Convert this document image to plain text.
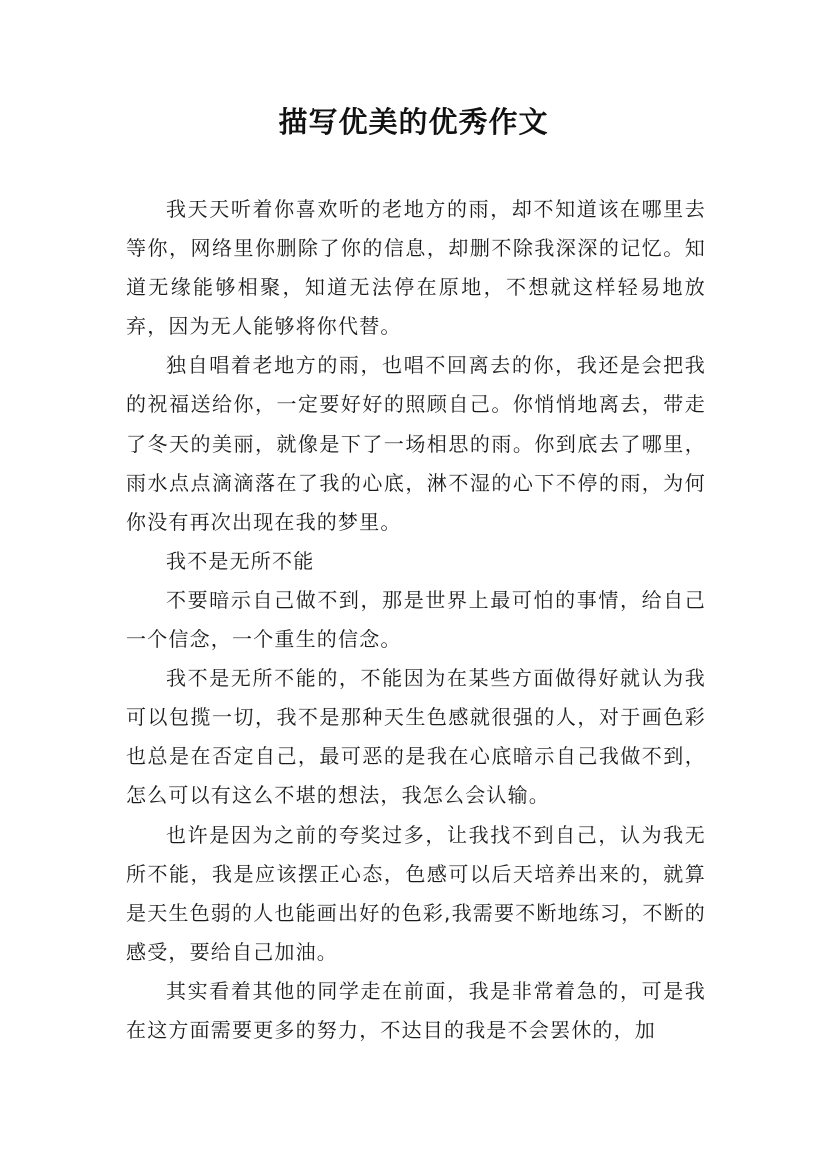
描写优美的优秀作文

我天天听着你喜欢听的老地方的雨，却不知道该在哪里去等你，网络里你删除了你的信息，却删不除我深深的记忆。知道无缘能够相聚，知道无法停在原地，不想就这样轻易地放弃，因为无人能够将你代替。

独自唱着老地方的雨，也唱不回离去的你，我还是会把我的祝福送给你，一定要好好的照顾自己。你悄悄地离去，带走了冬天的美丽，就像是下了一场相思的雨。你到底去了哪里，雨水点点滴滴落在了我的心底，淋不湿的心下不停的雨，为何你没有再次出现在我的梦里。

我不是无所不能

不要暗示自己做不到，那是世界上最可怕的事情，给自己一个信念，一个重生的信念。

我不是无所不能的，不能因为在某些方面做得好就认为我可以包揽一切，我不是那种天生色感就很强的人，对于画色彩也总是在否定自己，最可恶的是我在心底暗示自己我做不到，怎么可以有这么不堪的想法，我怎么会认输。

也许是因为之前的夸奖过多，让我找不到自己，认为我无所不能，我是应该摆正心态，色感可以后天培养出来的，就算是天生色弱的人也能画出好的色彩,我需要不断地练习，不断的感受，要给自己加油。

其实看着其他的同学走在前面，我是非常着急的，可是我在这方面需要更多的努力，不达目的我是不会罢休的，加
